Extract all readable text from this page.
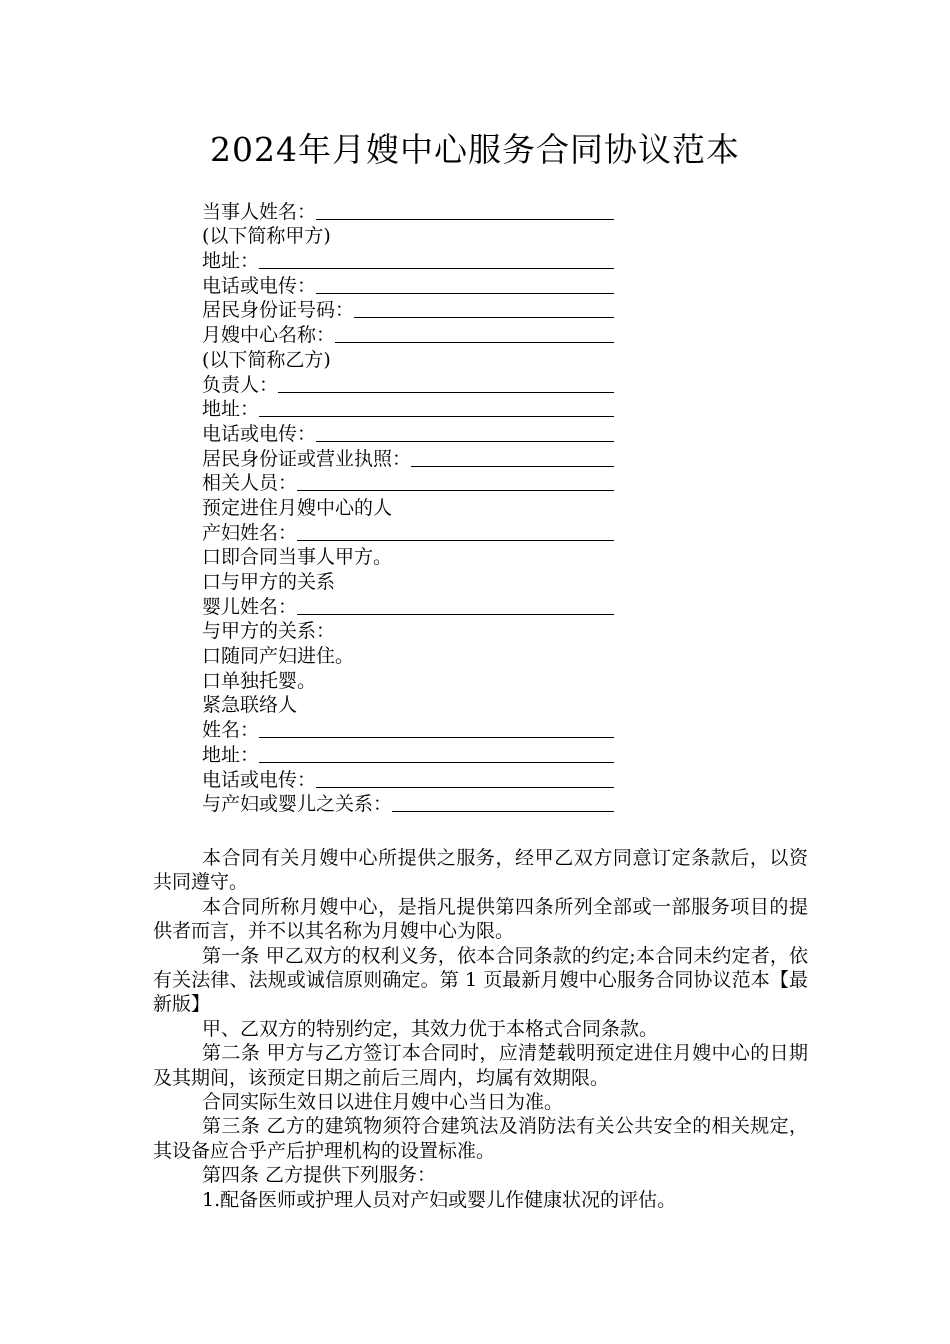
2024年月嫂中心服务合同协议范本
当事人姓名：
(以下简称甲方)
地址：
电话或电传：
居民身份证号码：
月嫂中心名称：
(以下简称乙方)
负责人：
地址：
电话或电传：
居民身份证或营业执照：
相关人员：
预定进住月嫂中心的人
产妇姓名：
口即合同当事人甲方。
口与甲方的关系
婴儿姓名：
与甲方的关系：
口随同产妇进住。
口单独托婴。
紧急联络人
姓名：
地址：
电话或电传：
与产妇或婴儿之关系：

本合同有关月嫂中心所提供之服务，经甲乙双方同意订定条款后，以资共同遵守。

本合同所称月嫂中心，是指凡提供第四条所列全部或一部服务项目的提供者而言，并不以其名称为月嫂中心为限。

第一条 甲乙双方的权利义务，依本合同条款的约定;本合同未约定者，依有关法律、法规或诚信原则确定。第 1 页最新月嫂中心服务合同协议范本【最新版】

甲、乙双方的特别约定，其效力优于本格式合同条款。

第二条 甲方与乙方签订本合同时，应清楚载明预定进住月嫂中心的日期及其期间，该预定日期之前后三周内，均属有效期限。

合同实际生效日以进住月嫂中心当日为准。

第三条 乙方的建筑物须符合建筑法及消防法有关公共安全的相关规定，其设备应合乎产后护理机构的设置标准。

第四条 乙方提供下列服务：

1.配备医师或护理人员对产妇或婴儿作健康状况的评估。
